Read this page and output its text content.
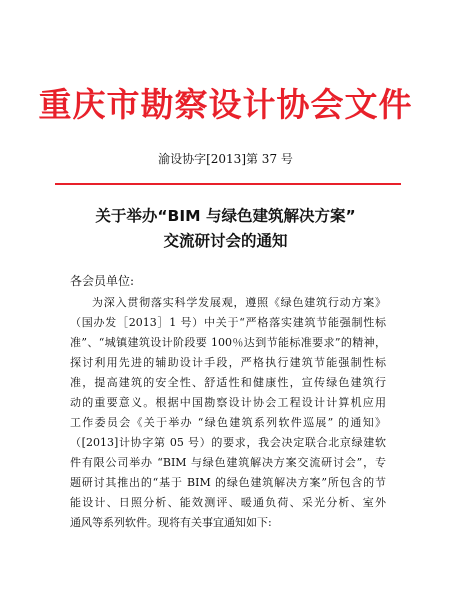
重庆市勘察设计协会文件
渝设协字[2013]第 37 号
关于举办“BIM 与绿色建筑解决方案”
交流研讨会的通知
各会员单位:
为深入贯彻落实科学发展观，遵照《绿色建筑行动方案》
（国办发［2013］1 号）中关于“严格落实建筑节能强制性标
准”、“城镇建筑设计阶段要 100％达到节能标准要求”的精神，
探讨利用先进的辅助设计手段，严格执行建筑节能强制性标
准，提高建筑的安全性、舒适性和健康性，宣传绿色建筑行
动的重要意义。根据中国勘察设计协会工程设计计算机应用
工作委员会《关于举办 “绿色建筑系列软件巡展” 的通知》
（[2013]计协字第 05 号）的要求，我会决定联合北京绿建软
件有限公司举办 “BIM 与绿色建筑解决方案交流研讨会”，专
题研讨其推出的“基于 BIM 的绿色建筑解决方案”所包含的节
能设计、日照分析、能效测评、暖通负荷、采光分析、室外
通风等系列软件。现将有关事宜通知如下:
